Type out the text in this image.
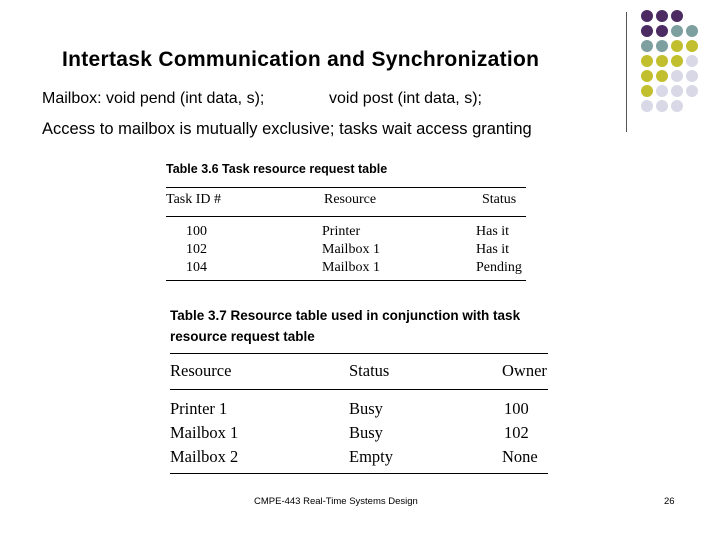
Intertask Communication and Synchronization
Mailbox: void pend (int data, s);	void post (int data, s);
Access to mailbox is mutually exclusive; tasks wait access granting
Table 3.6 Task resource request table
Task ID #	Resource	Status
100	Printer	Has it
102	Mailbox 1	Has it
104	Mailbox 1	Pending
Table 3.7 Resource table used in conjunction with task resource request table
Resource	Status	Owner
Printer 1	Busy	100
Mailbox 1	Busy	102
Mailbox 2	Empty	None
CMPE-443 Real-Time Systems Design	26
